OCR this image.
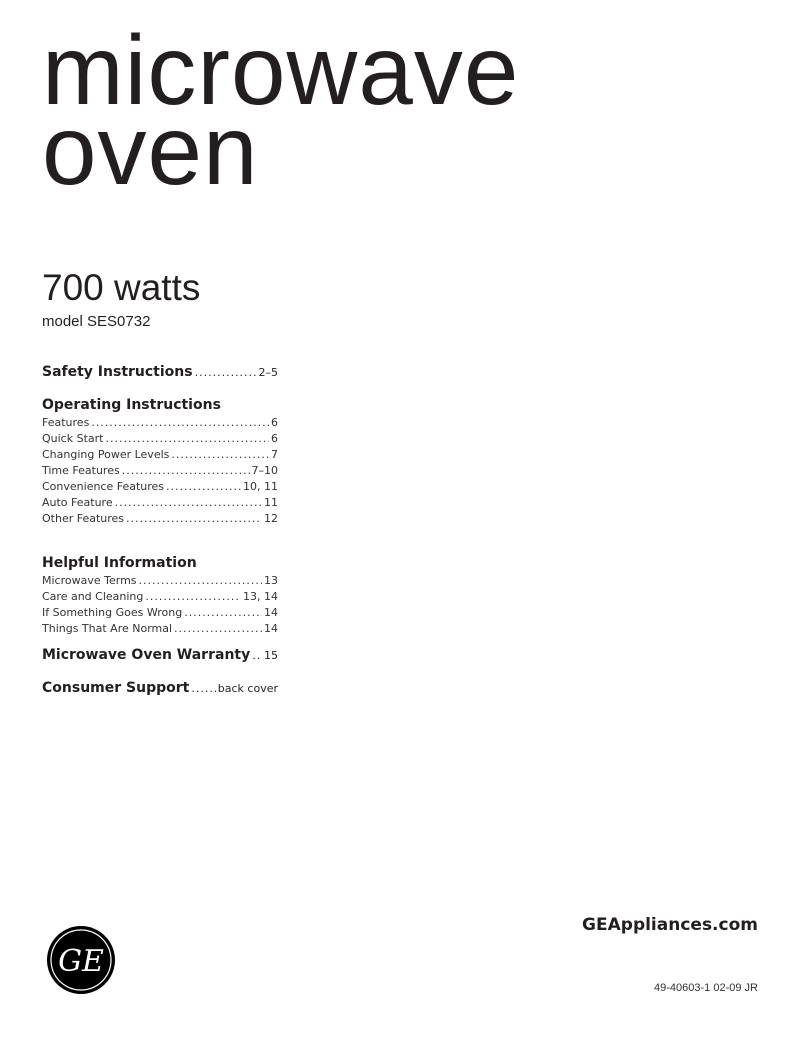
microwave
oven
700 watts
model SES0732
Safety Instructions .....	2–5
Operating Instructions
Features .....	6
Quick Start .....	6
Changing Power Levels .....	7
Time Features .....	7–10
Convenience Features .....	10, 11
Auto Feature .....	11
Other Features .....	12
Helpful Information
Microwave Terms .....	13
Care and Cleaning .....	13, 14
If Something Goes Wrong .....	14
Things That Are Normal .....	14
Microwave Oven Warranty ..... 15
Consumer Support .....	back cover
GE
GEAppliances.com
49-40603-1 02-09 JR
